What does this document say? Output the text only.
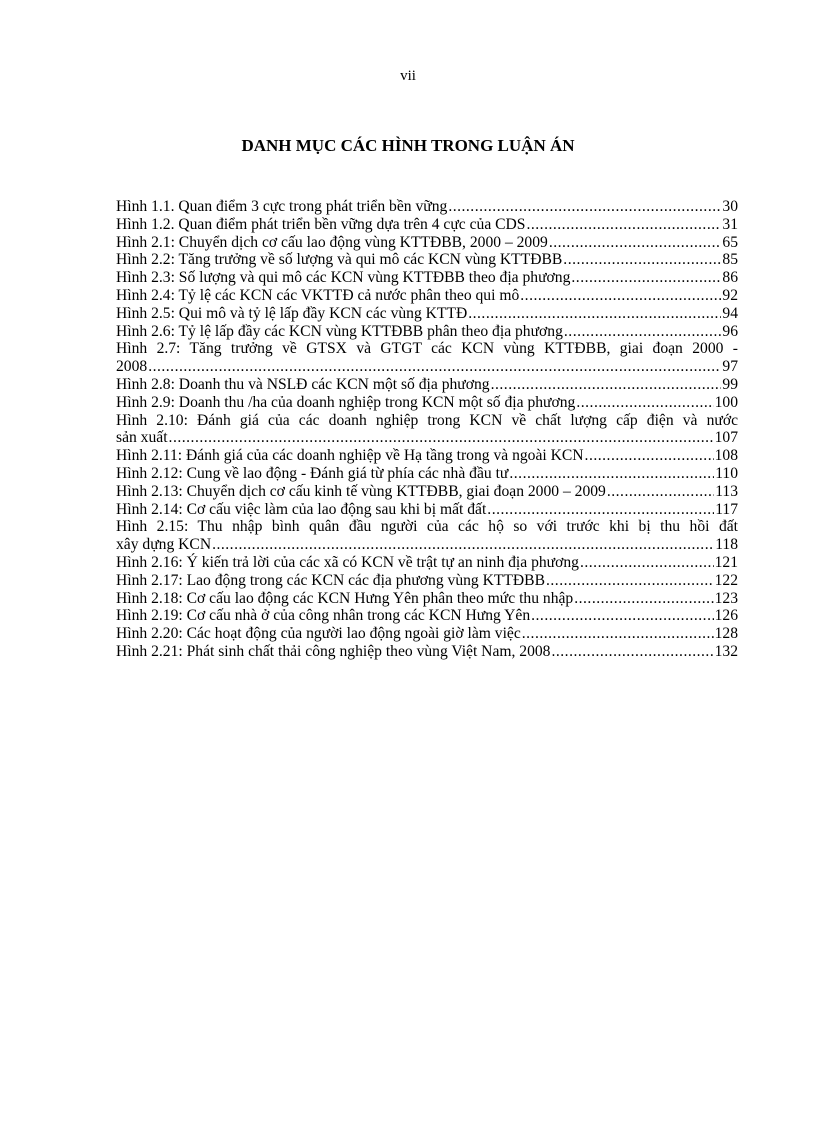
vii
DANH MỤC CÁC HÌNH TRONG LUẬN ÁN
Hình 1.1. Quan điểm 3 cực trong phát triển bền vững .....	30
Hình 1.2. Quan điểm phát triển bền vững dựa trên 4 cực của CDS .....	31
Hình 2.1: Chuyển dịch cơ cấu lao động vùng KTTĐBB, 2000 – 2009 .....	65
Hình 2.2: Tăng trưởng về số lượng và qui mô các KCN vùng KTTĐBB .....	85
Hình 2.3: Số lượng và qui mô các KCN vùng KTTĐBB theo địa phương .....	86
Hình 2.4: Tỷ lệ các KCN các VKTTĐ cả nước phân theo qui mô .....	92
Hình 2.5: Qui mô và tỷ lệ lấp đầy KCN các vùng KTTĐ .....	94
Hình 2.6: Tỷ lệ lấp đầy các KCN vùng KTTĐBB phân theo địa phương .....	96
Hình 2.7: Tăng trưởng về GTSX và GTGT các KCN vùng KTTĐBB, giai đoạn 2000 -
2008 .....	97
Hình 2.8: Doanh thu và NSLĐ các KCN một số địa phương .....	99
Hình 2.9: Doanh thu /ha của doanh nghiệp trong KCN một số địa phương .....	100
Hình 2.10: Đánh giá của các doanh nghiệp trong KCN về chất lượng cấp điện và nước
sản xuất .....	107
Hình 2.11: Đánh giá của các doanh nghiệp về Hạ tầng trong và ngoài KCN .....	108
Hình 2.12: Cung về lao động - Đánh giá từ phía các nhà đầu tư .....	110
Hình 2.13: Chuyển dịch cơ cấu kinh tế vùng KTTĐBB, giai đoạn 2000 – 2009 .....	113
Hình 2.14: Cơ cấu việc làm của lao động sau khi bị mất đất .....	117
Hình 2.15: Thu nhập bình quân đầu người của các hộ so với trước khi bị thu hồi đất
xây dựng KCN .....	118
Hình 2.16: Ý kiến trả lời của các xã có KCN về trật tự an ninh địa phương .....	121
Hình 2.17: Lao động trong các KCN các địa phương vùng KTTĐBB .....	122
Hình 2.18: Cơ cấu lao động các KCN Hưng Yên phân theo mức thu nhập .....	123
Hình 2.19: Cơ cấu nhà ở của công nhân trong các KCN Hưng Yên .....	126
Hình 2.20: Các hoạt động của người lao động ngoài giờ làm việc .....	128
Hình 2.21: Phát sinh chất thải công nghiệp theo vùng Việt Nam, 2008 .....	132
